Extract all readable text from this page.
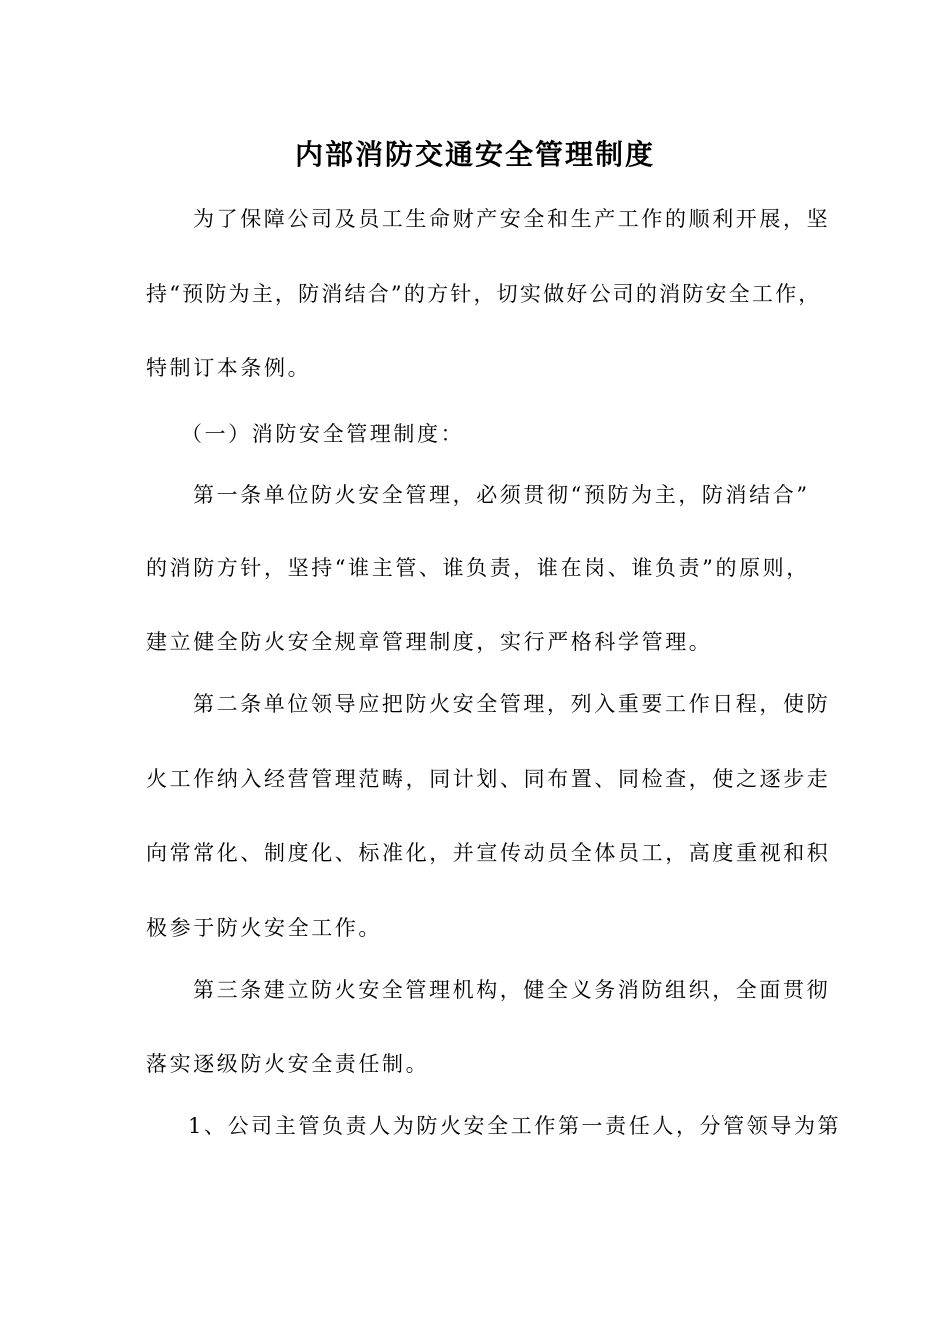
内部消防交通安全管理制度
为了保障公司及员工生命财产安全和生产工作的顺利开展，坚
持“预防为主，防消结合”的方针，切实做好公司的消防安全工作，
特制订本条例。
（一）消防安全管理制度：
第一条单位防火安全管理，必须贯彻“预防为主，防消结合”
的消防方针，坚持“谁主管、谁负责，谁在岗、谁负责”的原则，
建立健全防火安全规章管理制度，实行严格科学管理。
第二条单位领导应把防火安全管理，列入重要工作日程，使防
火工作纳入经营管理范畴，同计划、同布置、同检查，使之逐步走
向常常化、制度化、标准化，并宣传动员全体员工，高度重视和积
极参于防火安全工作。
第三条建立防火安全管理机构，健全义务消防组织，全面贯彻
落实逐级防火安全责任制。
1、公司主管负责人为防火安全工作第一责任人，分管领导为第
